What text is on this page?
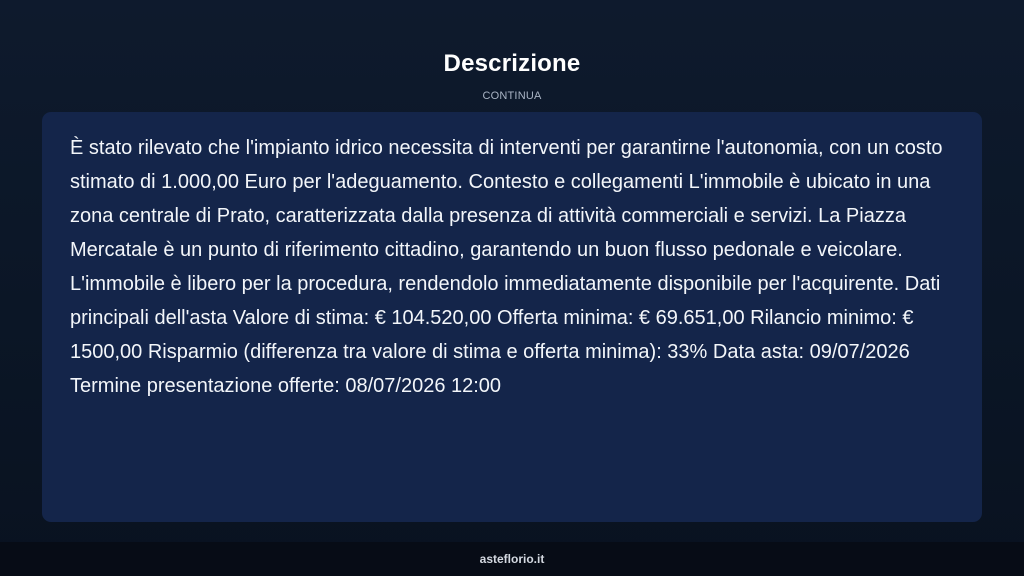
Descrizione
CONTINUA

È stato rilevato che l'impianto idrico necessita di interventi per garantirne l'autonomia, con un costo stimato di 1.000,00 Euro per l'adeguamento. Contesto e collegamenti L'immobile è ubicato in una zona centrale di Prato, caratterizzata dalla presenza di attività commerciali e servizi. La Piazza Mercatale è un punto di riferimento cittadino, garantendo un buon flusso pedonale e veicolare. L'immobile è libero per la procedura, rendendolo immediatamente disponibile per l'acquirente. Dati principali dell'asta Valore di stima: € 104.520,00 Offerta minima: € 69.651,00 Rilancio minimo: € 1500,00 Risparmio (differenza tra valore di stima e offerta minima): 33% Data asta: 09/07/2026 Termine presentazione offerte: 08/07/2026 12:00

asteflorio.it
